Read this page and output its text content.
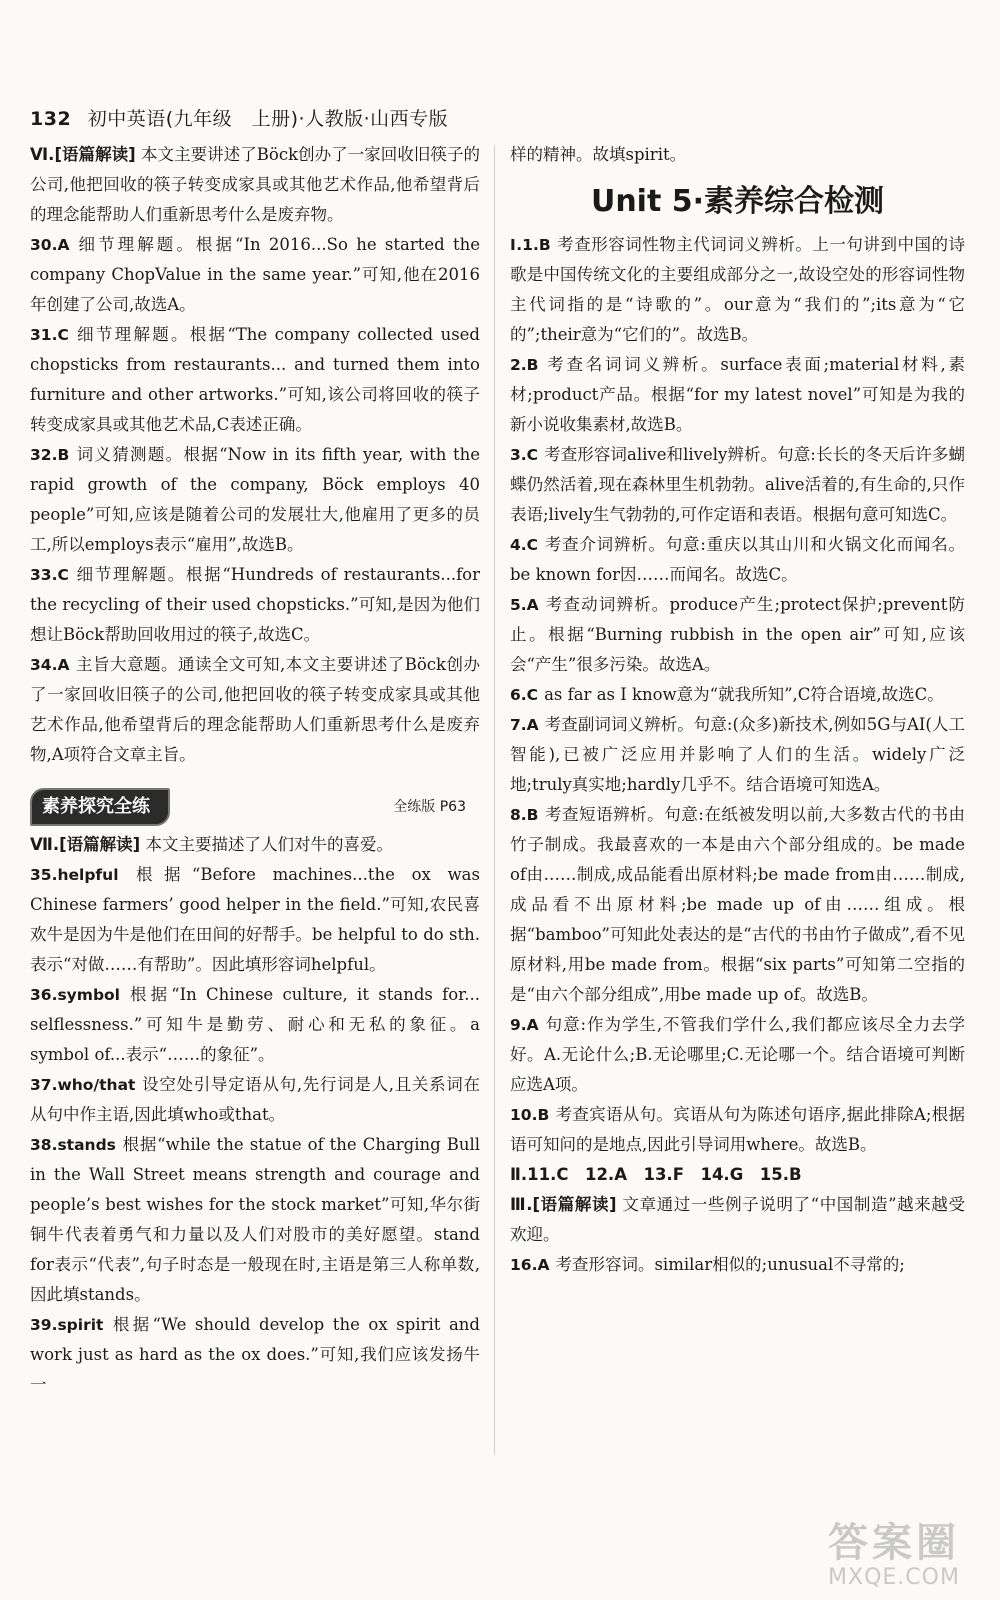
132 初中英语(九年级　上册)·人教版·山西专版

Ⅵ.[语篇解读] 本文主要讲述了Böck创办了一家回收旧筷子的公司,他把回收的筷子转变成家具或其他艺术作品,他希望背后的理念能帮助人们重新思考什么是废弃物。

30.A 细节理解题。根据“In 2016...So he started the company ChopValue in the same year.”可知,他在2016年创建了公司,故选A。

31.C 细节理解题。根据“The company collected used chopsticks from restaurants... and turned them into furniture and other artworks.”可知,该公司将回收的筷子转变成家具或其他艺术品,C表述正确。

32.B 词义猜测题。根据“Now in its fifth year, with the rapid growth of the company, Böck employs 40 people”可知,应该是随着公司的发展壮大,他雇用了更多的员工,所以employs表示“雇用”,故选B。

33.C 细节理解题。根据“Hundreds of restaurants...for the recycling of their used chopsticks.”可知,是因为他们想让Böck帮助回收用过的筷子,故选C。

34.A 主旨大意题。通读全文可知,本文主要讲述了Böck创办了一家回收旧筷子的公司,他把回收的筷子转变成家具或其他艺术作品,他希望背后的理念能帮助人们重新思考什么是废弃物,A项符合文章主旨。

素养探究全练	全练版 P63

Ⅶ.[语篇解读] 本文主要描述了人们对牛的喜爱。

35.helpful 根据“Before machines...the ox was Chinese farmers’ good helper in the field.”可知,农民喜欢牛是因为牛是他们在田间的好帮手。be helpful to do sth.表示“对做……有帮助”。因此填形容词helpful。

36.symbol 根据“In Chinese culture, it stands for... selflessness.”可知牛是勤劳、耐心和无私的象征。a symbol of...表示“……的象征”。

37.who/that 设空处引导定语从句,先行词是人,且关系词在从句中作主语,因此填who或that。

38.stands 根据“while the statue of the Charging Bull in the Wall Street means strength and courage and people’s best wishes for the stock market”可知,华尔街铜牛代表着勇气和力量以及人们对股市的美好愿望。stand for表示“代表”,句子时态是一般现在时,主语是第三人称单数,因此填stands。

39.spirit 根据“We should develop the ox spirit and work just as hard as the ox does.”可知,我们应该发扬牛一

样的精神。故填spirit。

Unit 5·素养综合检测

Ⅰ.1.B 考查形容词性物主代词词义辨析。上一句讲到中国的诗歌是中国传统文化的主要组成部分之一,故设空处的形容词性物主代词指的是“诗歌的”。our意为“我们的”;its意为“它的”;their意为“它们的”。故选B。

2.B 考查名词词义辨析。surface表面;material材料,素材;product产品。根据“for my latest novel”可知是为我的新小说收集素材,故选B。

3.C 考查形容词alive和lively辨析。句意:长长的冬天后许多蝴蝶仍然活着,现在森林里生机勃勃。alive活着的,有生命的,只作表语;lively生气勃勃的,可作定语和表语。根据句意可知选C。

4.C 考查介词辨析。句意:重庆以其山川和火锅文化而闻名。be known for因……而闻名。故选C。

5.A 考查动词辨析。produce产生;protect保护;prevent防止。根据“Burning rubbish in the open air”可知,应该会“产生”很多污染。故选A。

6.C as far as I know意为“就我所知”,C符合语境,故选C。

7.A 考查副词词义辨析。句意:(众多)新技术,例如5G与AI(人工智能),已被广泛应用并影响了人们的生活。widely广泛地;truly真实地;hardly几乎不。结合语境可知选A。

8.B 考查短语辨析。句意:在纸被发明以前,大多数古代的书由竹子制成。我最喜欢的一本是由六个部分组成的。be made of由……制成,成品能看出原材料;be made from由……制成,成品看不出原材料;be made up of由……组成。根据“bamboo”可知此处表达的是“古代的书由竹子做成”,看不见原材料,用be made from。根据“six parts”可知第二空指的是“由六个部分组成”,用be made up of。故选B。

9.A 句意:作为学生,不管我们学什么,我们都应该尽全力去学好。A.无论什么;B.无论哪里;C.无论哪一个。结合语境可判断应选A项。

10.B 考查宾语从句。宾语从句为陈述句语序,据此排除A;根据语可知问的是地点,因此引导词用where。故选B。

Ⅱ.11.C　12.A　13.F　14.G　15.B

Ⅲ.[语篇解读] 文章通过一些例子说明了“中国制造”越来越受欢迎。

16.A 考查形容词。similar相似的;unusual不寻常的;

答案圈
MXQE.COM
